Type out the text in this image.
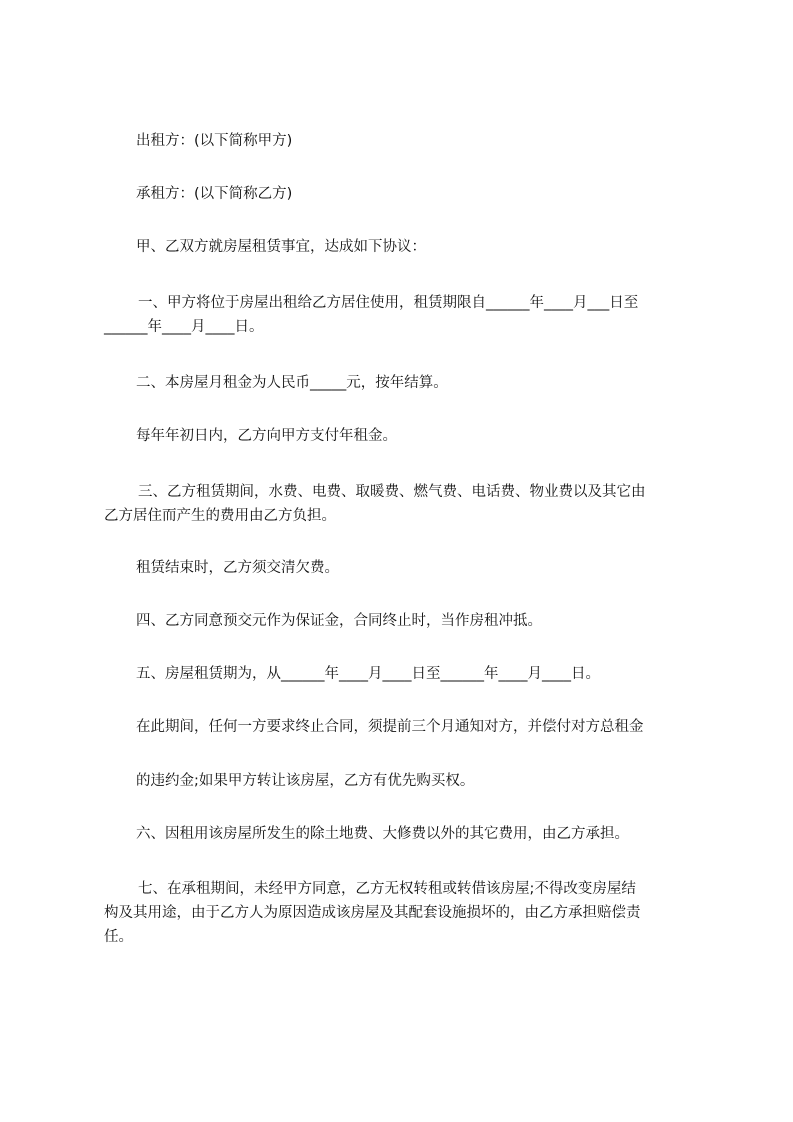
出租方：(以下简称甲方)
承租方：(以下简称乙方)
甲、乙双方就房屋租赁事宜，达成如下协议：
一、甲方将位于房屋出租给乙方居住使用，租赁期限自______年____月___日至
______年____月____日。
二、本房屋月租金为人民币_____元，按年结算。
每年年初日内，乙方向甲方支付年租金。
三、乙方租赁期间，水费、电费、取暖费、燃气费、电话费、物业费以及其它由
乙方居住而产生的费用由乙方负担。
租赁结束时，乙方须交清欠费。
四、乙方同意预交元作为保证金，合同终止时，当作房租冲抵。
五、房屋租赁期为，从______年____月____日至______年____月____日。
在此期间，任何一方要求终止合同，须提前三个月通知对方，并偿付对方总租金
的违约金;如果甲方转让该房屋，乙方有优先购买权。
六、因租用该房屋所发生的除土地费、大修费以外的其它费用，由乙方承担。
七、在承租期间，未经甲方同意，乙方无权转租或转借该房屋;不得改变房屋结
构及其用途，由于乙方人为原因造成该房屋及其配套设施损坏的，由乙方承担赔偿责
任。
